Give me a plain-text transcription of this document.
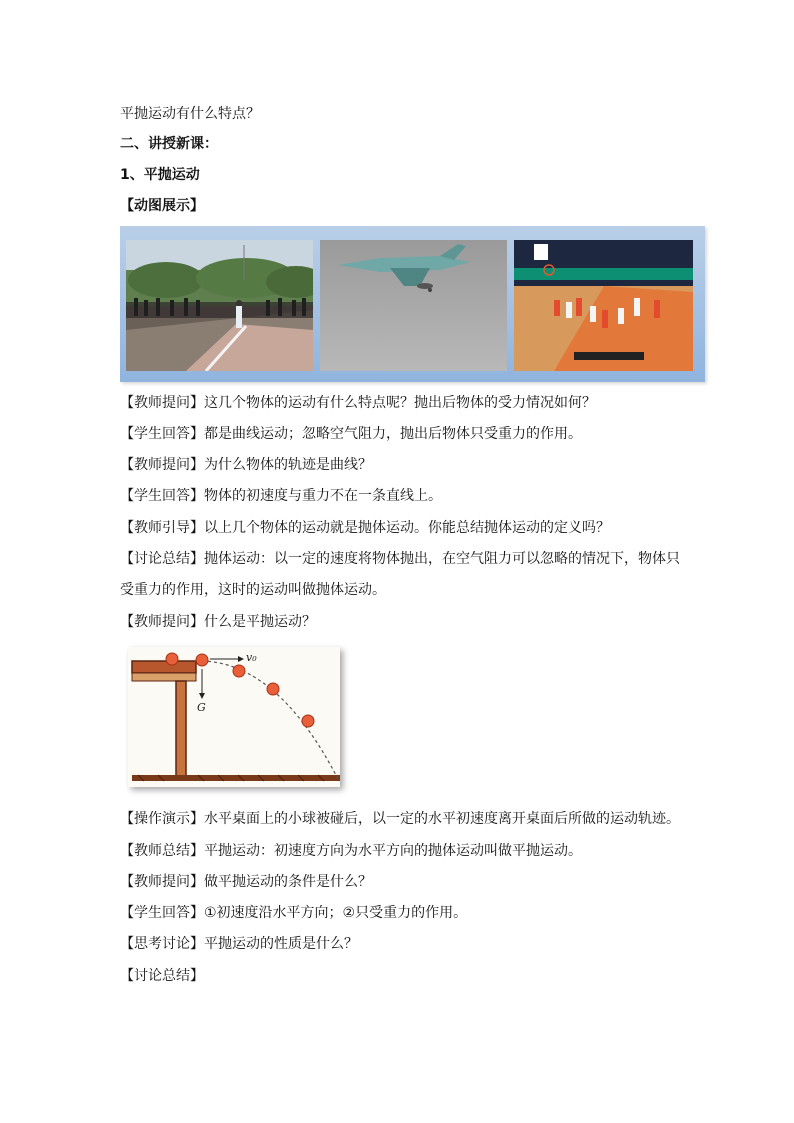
平抛运动有什么特点？
二、讲授新课：
1、平抛运动
【动图展示】
【教师提问】这几个物体的运动有什么特点呢？抛出后物体的受力情况如何？
【学生回答】都是曲线运动；忽略空气阻力，抛出后物体只受重力的作用。
【教师提问】为什么物体的轨迹是曲线？
【学生回答】物体的初速度与重力不在一条直线上。
【教师引导】以上几个物体的运动就是抛体运动。你能总结抛体运动的定义吗？
【讨论总结】抛体运动：以一定的速度将物体抛出，在空气阻力可以忽略的情况下，物体只受重力的作用，这时的运动叫做抛体运动。
【教师提问】什么是平抛运动？
v₀
G
【操作演示】水平桌面上的小球被碰后，以一定的水平初速度离开桌面后所做的运动轨迹。
【教师总结】平抛运动：初速度方向为水平方向的抛体运动叫做平抛运动。
【教师提问】做平抛运动的条件是什么？
【学生回答】①初速度沿水平方向；②只受重力的作用。
【思考讨论】平抛运动的性质是什么？
【讨论总结】
